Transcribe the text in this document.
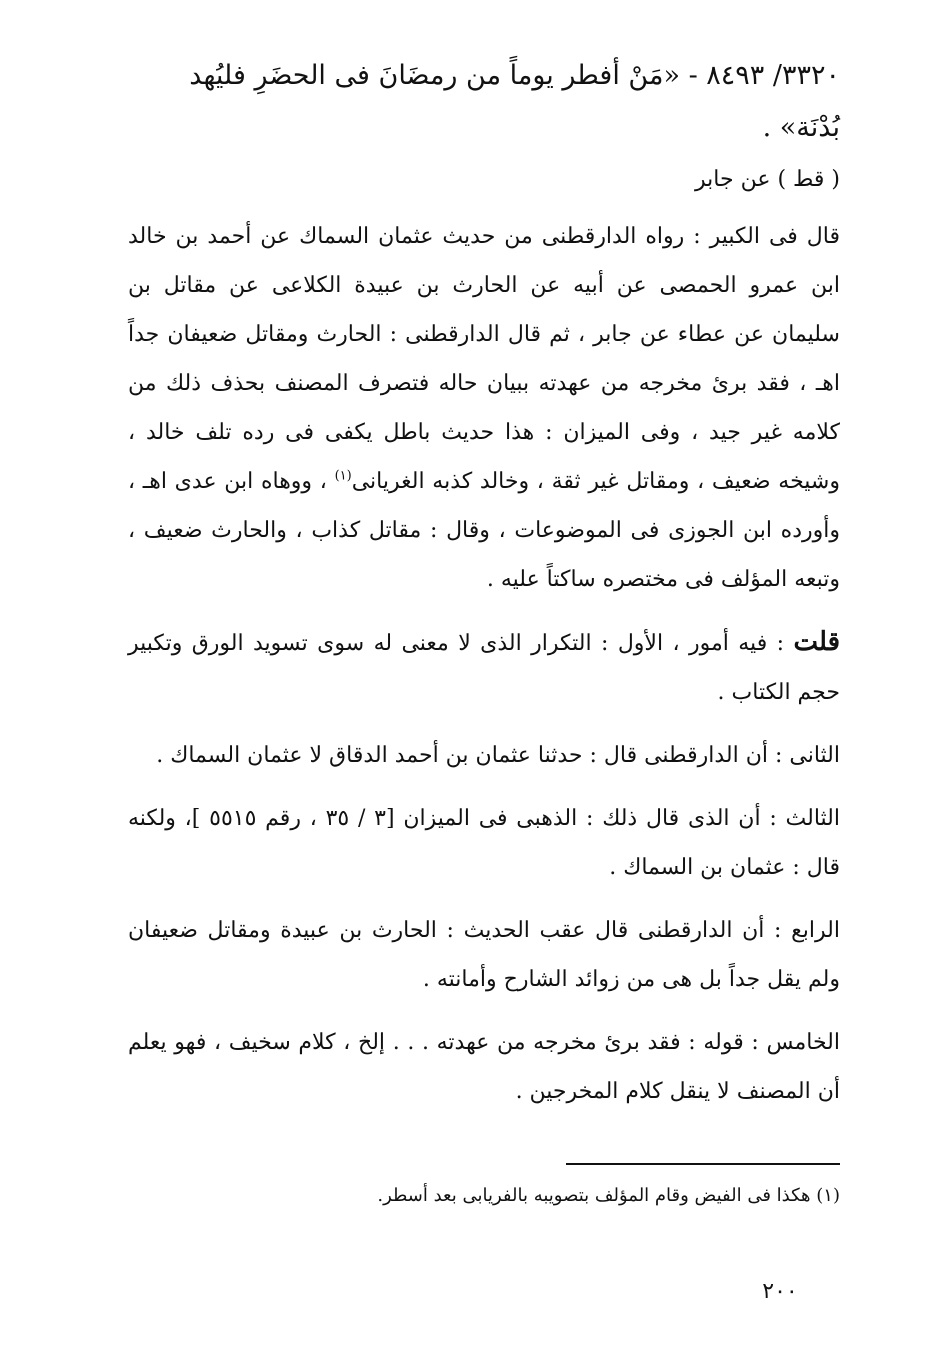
٣٣٢٠/ ٨٤٩٣ - «مَنْ أفطر يوماً من رمضَانَ فى الحضَرِ فليُهد بُدْنَة» .

( قط ) عن جابر

قال فى الكبير : رواه الدارقطنى من حديث عثمان السماك عن أحمد بن خالد ابن عمرو الحمصى عن أبيه عن الحارث بن عبيدة الكلاعى عن مقاتل بن سليمان عن عطاء عن جابر ، ثم قال الدارقطنى : الحارث ومقاتل ضعيفان جداً اهـ ، فقد برئ مخرجه من عهدته ببيان حاله فتصرف المصنف بحذف ذلك من كلامه غير جيد ، وفى الميزان : هذا حديث باطل يكفى فى رده تلف خالد ، وشيخه ضعيف ، ومقاتل غير ثقة ، وخالد كذبه الغريانى$^{(١)}$ ، ووهاه ابن عدى اهـ ، وأورده ابن الجوزى فى الموضوعات ، وقال : مقاتل كذاب ، والحارث ضعيف ، وتبعه المؤلف فى مختصره ساكتاً عليه .

قلت : فيه أمور ، الأول : التكرار الذى لا معنى له سوى تسويد الورق وتكبير حجم الكتاب .

الثانى : أن الدارقطنى قال : حدثنا عثمان بن أحمد الدقاق لا عثمان السماك .

الثالث : أن الذى قال ذلك : الذهبى فى الميزان [٣ / ٣٥ ، رقم ٥٥١٥ ]، ولكنه قال : عثمان بن السماك .

الرابع : أن الدارقطنى قال عقب الحديث : الحارث بن عبيدة ومقاتل ضعيفان ولم يقل جداً بل هى من زوائد الشارح وأمانته .

الخامس : قوله : فقد برئ مخرجه من عهدته . . . إلخ ، كلام سخيف ، فهو يعلم أن المصنف لا ينقل كلام المخرجين .

(١) هكذا فى الفيض وقام المؤلف بتصويبه بالفريابى بعد أسطر.
٢٠٠
